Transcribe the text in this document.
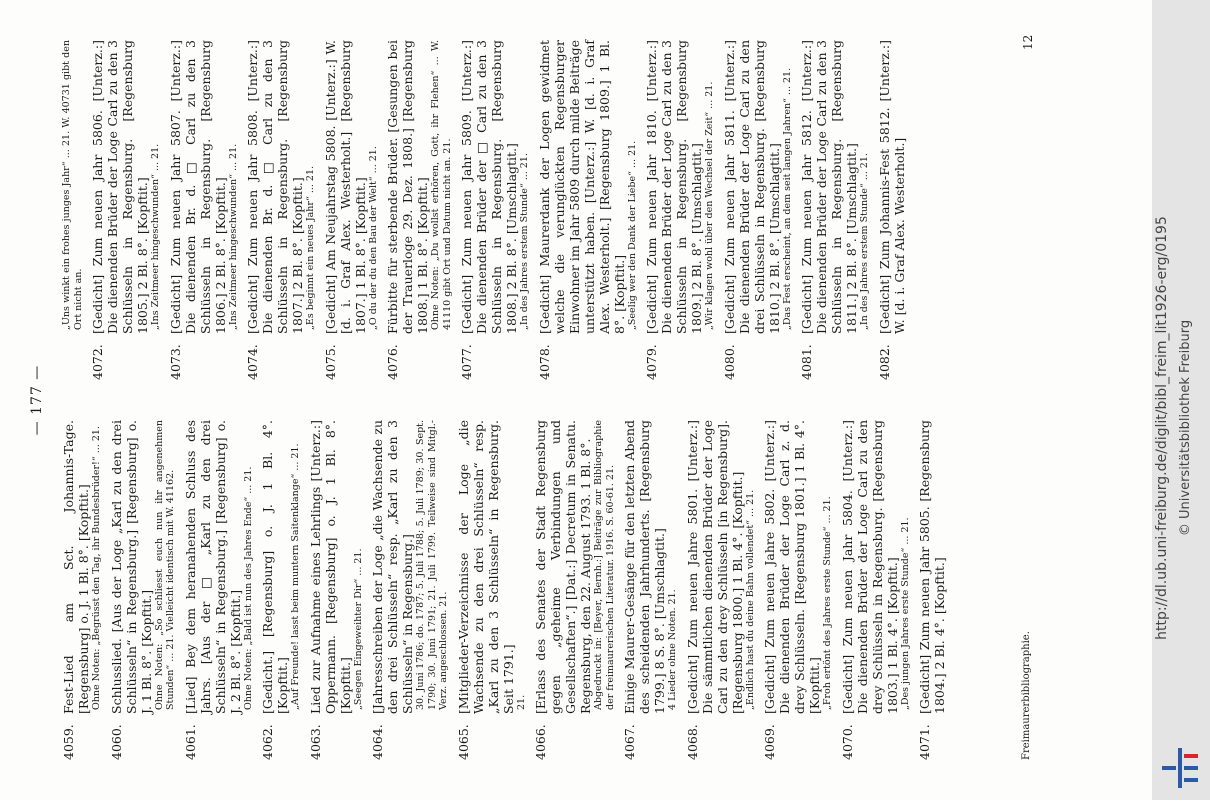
— 177 —
4059.
Fest-Lied am Sct. Johannis-Tage. [Regensburg] o. J. 1 Bl. 8°. [Kopftit.] Ohne Noten: „Begrüsst den Tag, ihr Bundesbrüder!“ ... 21.
4060.
Schlusslied. [Aus der Loge „Karl zu den drei Schlüsseln“ in Regensburg.] [Regensburg] o. J. 1 Bl. 8°. [Kopftit.] Ohne Noten: „So schliesst euch nun ihr angenehmen Stunden“ ... 21. Vielleicht identisch mit W. 41162.
4061.
[Lied] Bey dem heranahenden Schluss des Jahrs. [Aus der □ „Karl zu den drei Schlüsseln“ in Regensburg.] [Regensburg] o. J. 2 Bl. 8°. [Kopftit.] Ohne Noten: „Bald ist nun des Jahres Ende“ ... 21.
4062.
[Gedicht.] [Regensburg] o. J. 1 Bl. 4°. [Kopftit.] „Auf Freunde! lasst beim muntern Saitenklange“ ... 21.
4063.
Lied zur Aufnahme eines Lehrlings [Unterz.:] Oppermann. [Regensburg] o. J. 1 Bl. 8°. [Kopftit.] „Seegen Eingeweihter Dir“ ... 21.
4064.
[Jahresschreiben der Loge „die Wachsende zu den drei Schlüsseln“ resp. „Karl zu den 3 Schlüsseln“ in Regensburg.] 30. Juni 1786; do. 1787; 5. Juli 1788; 5. Juli 1789; 30. Sept. 1790; 30. Juni 1791; 21. Juli 1799. Teilweise sind Mitgl.-Verz. angeschlossen. 21.
4065.
[Mitglieder-Verzeichnisse der Loge „die Wachsende zu den drei Schlüsseln“ resp. „Karl zu den 3 Schlüsseln“ in Regensburg. Seit 1791.] 21.
4066.
[Erlass des Senates der Stadt Regensburg gegen „geheime Verbindungen und Gesellschaften“.] [Dat.:] Decretum in Senatu. Regensburg, den 22. August 1793. 1 Bl. 8°. Abgedruckt in: [Beyer, Bernh.:] Beiträge zur Bibliographie der freimaurerischen Literatur. 1916. S. 60-61. 21.
4067.
Einige Maurer-Gesänge für den letzten Abend des scheidenden Jahrhunderts. [Regensburg 1799.] 8 S. 8°. [Umschlagtit.] 4 Lieder ohne Noten. 21.
4068.
[Gedicht] Zum neuen Jahre 5801. [Unterz.:] Die sämmtlichen dienenden Brüder der Loge Carl zu den drey Schlüsseln [in Regensburg]. [Regensburg 1800.] 1 Bl. 4°. [Kopftit.] „Endlich hast du deine Bahn vollendet“ ... 21.
4069.
[Gedicht] Zum neuen Jahre 5802. [Unterz.:] Die dienenden Brüder der Loge Carl z. d. drey Schlüsseln. [Regensburg 1801.] 1 Bl. 4°. [Kopftit.] „Froh ertönt des Jahres erste Stunde“ ... 21.
4070.
[Gedicht] Zum neuen Jahr 5804. [Unterz.:] Die dienenden Brüder der Loge Carl zu den drey Schlüsseln in Regensburg. [Regensburg 1803.] 1 Bl. 4°. [Kopftit.] „Des jungen Jahres erste Stunde“ ... 21.
4071.
[Gedicht] Zum neuen Jahr 5805. [Regensburg 1804.] 2 Bl. 4°. [Kopftit.]
„Uns winkt ein frohes junges Jahr“ ... 21. W. 40731 gibt den Ort nicht an.
4072.
[Gedicht] Zum neuen Jahr 5806. [Unterz.:] Die dienenden Brüder der Loge Carl zu den 3 Schlüsseln in Regensburg. [Regensburg 1805.] 2 Bl. 8°. [Kopftit.] „Ins Zeitmeer hingeschwunden“ ... 21.
4073.
[Gedicht] Zum neuen Jahr 5807. [Unterz.:] Die dienenden Br. d. □ Carl zu den 3 Schlüsseln in Regensburg. [Regensburg 1806.] 2 Bl. 8°. [Kopftit.] „Ins Zeitmeer hingeschwunden“ ... 21.
4074.
[Gedicht] Zum neuen Jahr 5808. [Unterz.:] Die dienenden Br. d. □ Carl zu den 3 Schlüsseln in Regensburg. [Regensburg 1807.] 2 Bl. 8°. [Kopftit.] „Es beginnt ein neues Jahr“ ... 21.
4075.
[Gedicht] Am Neujahrstag 5808. [Unterz.:] W. [d. i. Graf Alex. Westerholt.] [Regensburg 1807.] 1 Bl. 8°. [Kopftit.] „O du der du den Bau der Welt“ ... 21.
4076.
Fürbitte für sterbende Brüder. [Gesungen bei der Trauerloge 29. Dez. 1808.] [Regensburg 1808.] 1 Bl. 8°. [Kopftit.] Ohne Noten: „Du wollst erhören, Gott, ihr Flehen“ ... W. 41110 gibt Ort und Datum nicht an. 21.
4077.
[Gedicht] Zum neuen Jahr 5809. [Unterz.:] Die dienenden Brüder der □ Carl zu den 3 Schlüsseln in Regensburg. [Regensburg 1808.] 2 Bl. 8°. [Umschlagtit.] „In des Jahres erstem Stunde“ ... 21.
4078.
[Gedicht] Maurerdank der Logen gewidmet welche die verunglückten Regensburger Einwohner im Jahr 5809 durch milde Beiträge unterstützt haben. [Unterz.:] W. [d. i. Graf Alex. Westerholt.] [Regensburg 1809.] 1 Bl. 8°. [Kopftit.] „Seelig wer den Dank der Liebe“ ... 21.
4079.
[Gedicht] Zum neuen Jahr 1810. [Unterz.:] Die dienenden Brüder der Loge Carl zu den 3 Schlüsseln in Regensburg. [Regensburg 1809.] 2 Bl. 8°. [Umschlagtit.] „Wir klagen wohl über den Wechsel der Zeit“ ... 21.
4080.
[Gedicht] Zum neuen Jahr 5811. [Unterz.:] Die dienenden Brüder der Loge Carl zu den drei Schlüsseln in Regensburg. [Regensburg 1810.] 2 Bl. 8°. [Umschlagtit.] „Das Fest erscheint, an dem seit langen Jahren“ ... 21.
4081.
[Gedicht] Zum neuen Jahr 5812. [Unterz.:] Die dienenden Brüder der Loge Carl zu den 3 Schlüsseln in Regensburg. [Regensburg 1811.] 2 Bl. 8°. [Umschlagtit.] „In des Jahres erstem Stunde“ ... 21.
4082.
[Gedicht] Zum Johannis-Fest 5812. [Unterz.:] W. [d. i. Graf Alex. Westerholt.]
Freimaurerbibliographie.
12
http://dl.ub.uni-freiburg.de/diglit/bibl_freim_lit1926-erg/0195 © Universitätsbibliothek Freiburg
